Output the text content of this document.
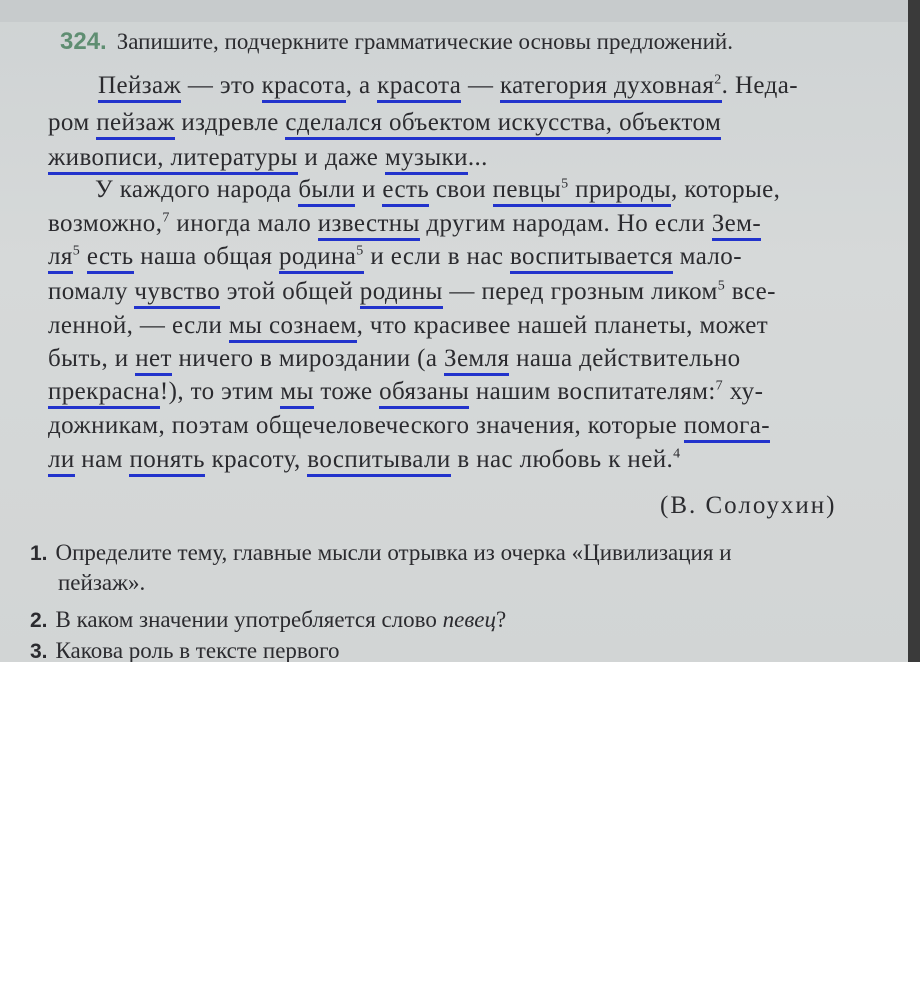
324. Запишите, подчеркните грамматические основы предложений.
Пейзаж — это красота, а красота — категория духовная$^2$. Неда-
ром пейзаж издревле сделался объектом искусства, объектом
живописи, литературы и даже музыки...
У каждого народа были и есть свои певцы$^5$ природы, которые,
возможно,$^7$ иногда мало известны другим народам. Но если Зем-
$ля^5$ есть наша общая родина$^5$ и если в нас воспитывается мало-
помалу чувство этой общей родины — перед грозным ликом$^5$ все-
ленной, — если мы сознаем, что красивее нашей планеты, может
быть, и нет ничего в мироздании (а Земля наша действительно
прекрасна!), то этим мы тоже обязаны нашим воспитателям:$^7$ ху-
дожникам, поэтам общечеловеческого значения, которые помога-
ли нам понять красоту, воспитывали в нас любовь к ней.$^4$
(В. Солоухин)
1. Определите тему, главные мысли отрывка из очерка «Цивилизация и
пейзаж».
2. В каком значении употребляется слово певец?
3. Какова роль в тексте первого
